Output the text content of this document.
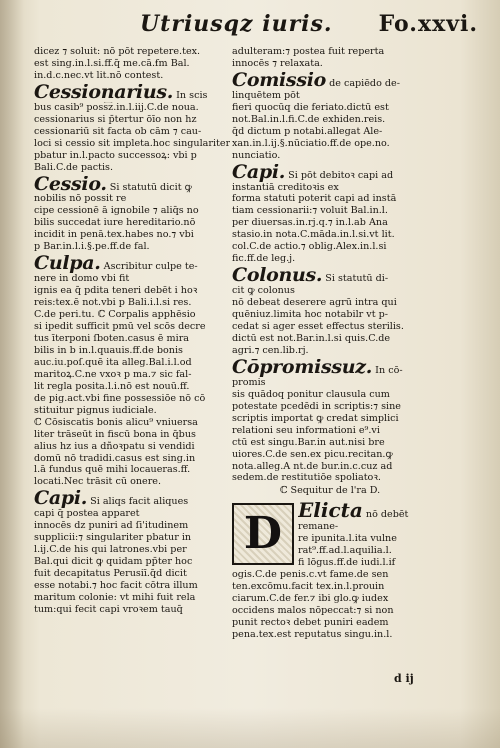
Utriusqz iuris. Fo.xxvi.
dicez ⁊ soluit: nō pōt repetere.tex.
est sing.in.l.si.ff.q̄ me.cā.ẜm Bal.
in.d.c.nec.vt lit.nō contest.
Cessionarius. In scis
bus casib⁹ poss͡z.in.l.iij.C.de noua.
cessionarius si p̄tertur ōīo non h̄z
cessionariū sit facta ob cām ⁊ cau-
loci si cessio sit impleta.hoc singulariter
pbatur in.l.pacto successoꝝ: vbi p
Bali.C.de pactis.
Cessio. Si statutū dicit ꝙ
nobilis nō possit re
cipe cessionē ā ignobile ⁊ aliq̄s no
bilis succedat iure hereditario.nō
incidit in penā.tex.habes no.⁊ vbi
p Bar.in.l.i.§.pe.ff.de fal.
Culpa. Ascribitur culpe te-
nere in domo vbi fit
ignis ea q̄ pdita teneri debēt i hoꝛ
reis:tex.ē not.vbi p Bali.i.l.si res.
C.de peri.tu. ℂ Corpalis apphēsio
si ipedit sufficit pmū vel scōs decre
tus īterponi ſboten.casus ē mira
bilis in b in.l.quauis.ff.de bonis
auc.iu.poſ.quē ita alleg.Bal.i.l.od
maritoꝝ.C.ne vxoꝛ p ma.⁊ sic fal-
lit regla posita.l.i.nō est nouū.ff.
de pig.act.vbi fine possessiōe nō cō
stituitur pignus iudiciale.
ℂ Cōsiscatis bonis alicu⁹ vniuersa
liter trāseūt in fiscū bona in q̄bus
alius h̄z ius a dñoꝛpatu si vendidi
domū nō tradidi.casus est sing.in
l.ā fundus quē mihi locaueras.ff.
locati.Nec trāsit cū onere.
Capi. Si aliqs facit aliques
capi q̄ postea apparet
innocēs dz puniri ad ſi'itudinem
supplicii:⁊ singulariter pbatur in
l.ij.C.de his qui latrones.vbi per
Bal.qui dicit ꝙ quidam pp̄ter hoc
fuit decapitatus Perusiī.q̄d dicit
esse notabi.⁊ hoc facit cōtra illum
maritum colonie: vt mihi fuit rela
tum:qui fecit capi vroꝛem tauq̄
adulteram:⁊ postea fuit reperta
innocēs ⁊ relaxata.
Comissio de capiēdo de-
linquētem pōt
fieri quocūq die feriato.dictū est
not.Bal.in.l.fi.C.de exhiden.reis.
q̄d dictum p notabi.allegat Ale-
xan.in.l.ij.§.nūciatio.ff.de ope.no.
nunciatio.
Capi. Si pōt debitoꝛ capi ad
instantiā creditoꝛis ex
forma statuti poterit capi ad instā
tiam cessionarii:⁊ voluit Bal.in.l.
per diuersas.in.rj.q.⁊ in.l.ab Ana
stasio.in nota.C.māda.in.l.si.vt lit.
col.C.de actio.⁊ oblig.Alex.in.l.si
fic.ff.de leg.j.
Colonus. Si statutū di-
cit ꝙ colonus
nō debeat deserere agrū intra qui
quēniuz.limita hoc notabilr vt p-
cedat si ager esset effectus sterilis.
dictū est not.Bar.in.l.si quis.C.de
agri.⁊ cen.lib.rj.
Cōpromissuz. In cō-
promis
sis quādoq ponitur clausula cum
potestate pcedēdi in scriptis:⁊ sine
scriptis importat ꝙ credat simplici
relationi seu informationi e⁹.vi
ctū est singu.Bar.in aut.nisi bre
uiores.C.de sen.ex picu.recitan.ꝙ
nota.alleg.A nt.de bur.in.c.cuz ad
sedem.de restitutiōe spoliatoꝛ.
ℂ Sequitur de l'ra D.
D Elicta nō debēt
remane-
re ipunita.l.ita vulne
rat⁹.ff.ad.l.aquilia.l.
fi lōgus.ff.de iudi.l.if
ogis.C.de penis.c.vt fame.de sen
ten.excōmu.facit tex.in.l.prouin
ciarum.C.de fer.⁊ ibi glo.ꝙ iudex
occidens malos nōpeccat:⁊ si non
punit rectoꝛ debet puniri eadem
pena.tex.est reputatus singu.in.l.
d ij
